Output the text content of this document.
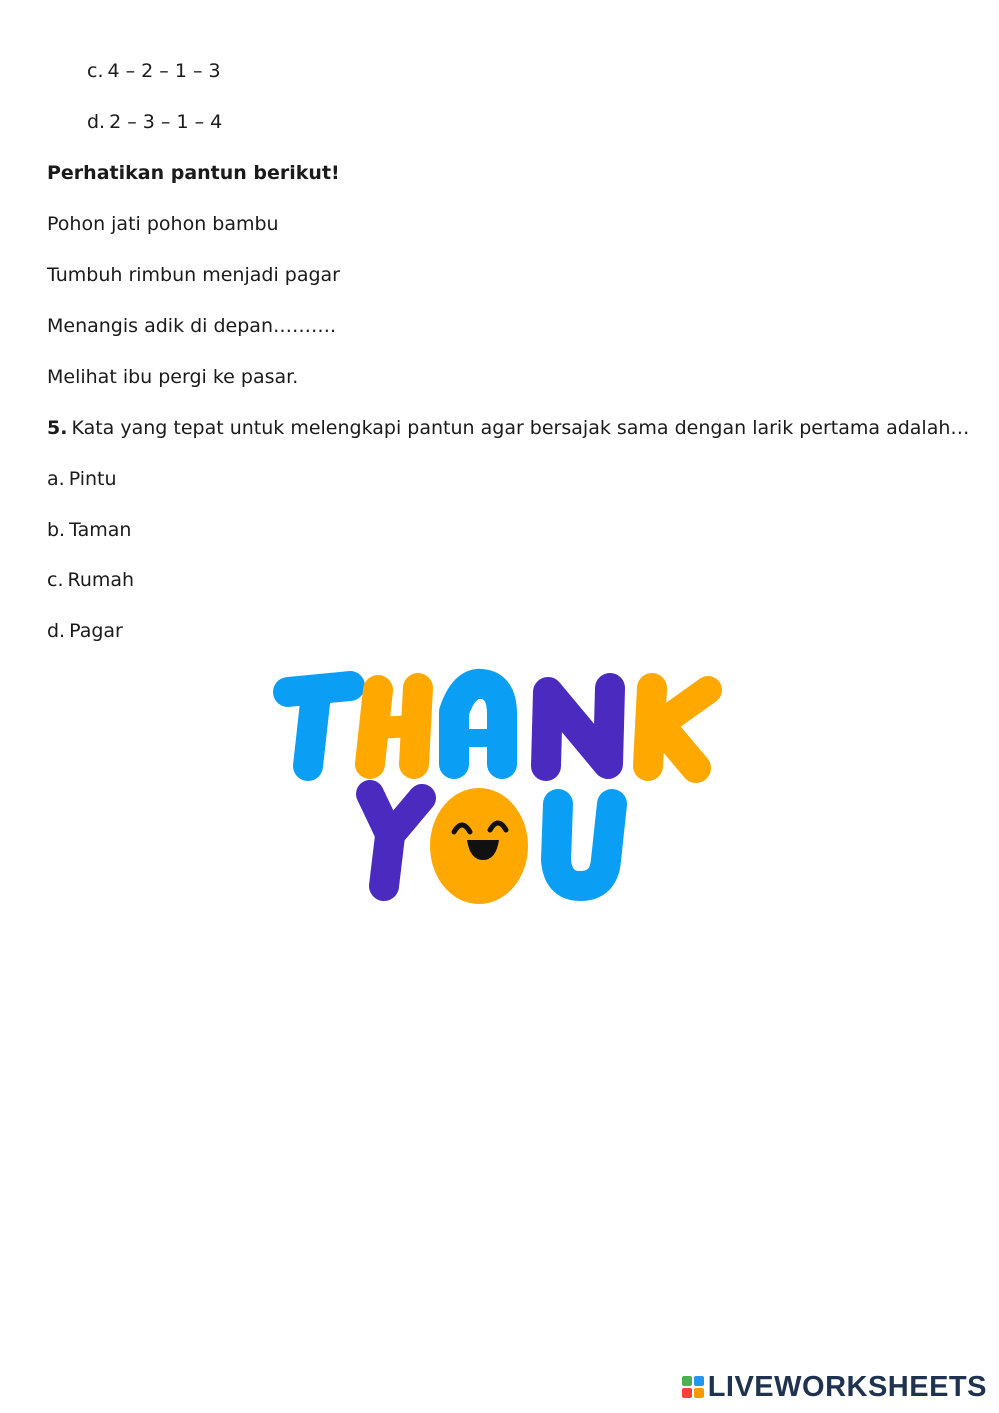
c. 4 – 2 – 1 – 3
d. 2 – 3 – 1 – 4
Perhatikan pantun berikut!
Pohon jati pohon bambu
Tumbuh rimbun menjadi pagar
Menangis adik di depan……….
Melihat ibu pergi ke pasar.
5. Kata yang tepat untuk melengkapi pantun agar bersajak sama dengan larik pertama adalah…
a. Pintu
b. Taman
c. Rumah
d. Pagar
LIVEWORKSHEETS
